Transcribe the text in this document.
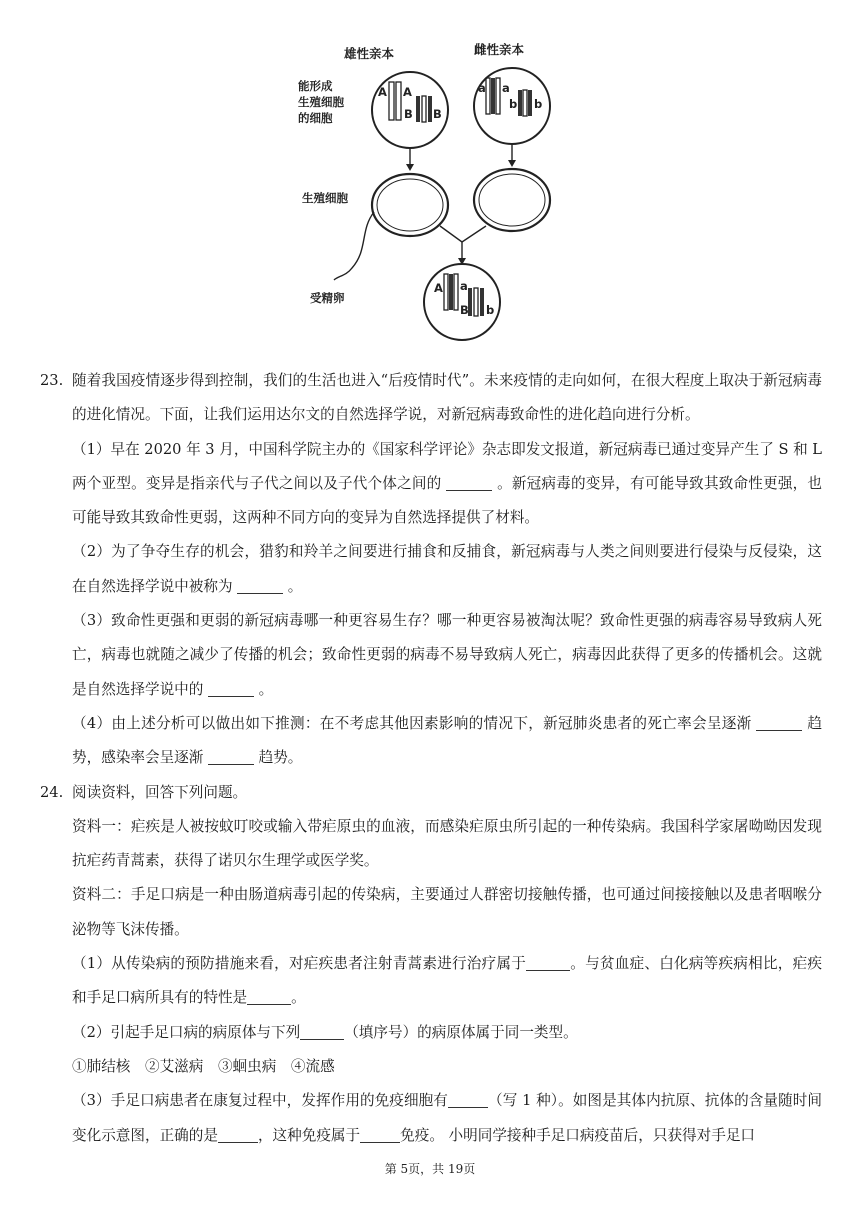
雄性亲本	雌性亲本
能形成
生殖细胞
的细胞
生殖细胞
受精卵
A A
B B
a a
b b
A a
B b
23. 随着我国疫情逐步得到控制，我们的生活也进入“后疫情时代”。未来疫情的走向如何，在很大程度上取决于新冠病毒的进化情况。下面，让我们运用达尔文的自然选择学说，对新冠病毒致命性的进化趋向进行分析。

（1）早在 2020 年 3 月，中国科学院主办的《国家科学评论》杂志即发文报道，新冠病毒已通过变异产生了 S 和 L 两个亚型。变异是指亲代与子代之间以及子代个体之间的	。新冠病毒的变异，有可能导致其致命性更强，也可能导致其致命性更弱，这两种不同方向的变异为自然选择提供了材料。

（2）为了争夺生存的机会，猎豹和羚羊之间要进行捕食和反捕食，新冠病毒与人类之间则要进行侵染与反侵染，这在自然选择学说中被称为	。

（3）致命性更强和更弱的新冠病毒哪一种更容易生存？哪一种更容易被淘汰呢？致命性更强的病毒容易导致病人死亡，病毒也就随之减少了传播的机会；致命性更弱的病毒不易导致病人死亡，病毒因此获得了更多的传播机会。这就是自然选择学说中的	。

（4）由上述分析可以做出如下推测：在不考虑其他因素影响的情况下，新冠肺炎患者的死亡率会呈逐渐	趋势，感染率会呈逐渐	趋势。

24. 阅读资料，回答下列问题。

资料一：疟疾是人被按蚊叮咬或输入带疟原虫的血液，而感染疟原虫所引起的一种传染病。我国科学家屠呦呦因发现抗疟药青蒿素，获得了诺贝尔生理学或医学奖。

资料二：手足口病是一种由肠道病毒引起的传染病，主要通过人群密切接触传播，也可通过间接接触以及患者咽喉分泌物等飞沫传播。

（1）从传染病的预防措施来看，对疟疾患者注射青蒿素进行治疗属于	。与贫血症、白化病等疾病相比，疟疾和手足口病所具有的特性是	。

（2）引起手足口病的病原体与下列	（填序号）的病原体属于同一类型。

①肺结核　②艾滋病　③蛔虫病　④流感

（3）手足口病患者在康复过程中，发挥作用的免疫细胞有	（写 1 种）。如图是其体内抗原、抗体的含量随时间变化示意图，正确的是	，这种免疫属于	免疫。 小明同学接种手足口病疫苗后，只获得对手足口

第 5页，共 19页
